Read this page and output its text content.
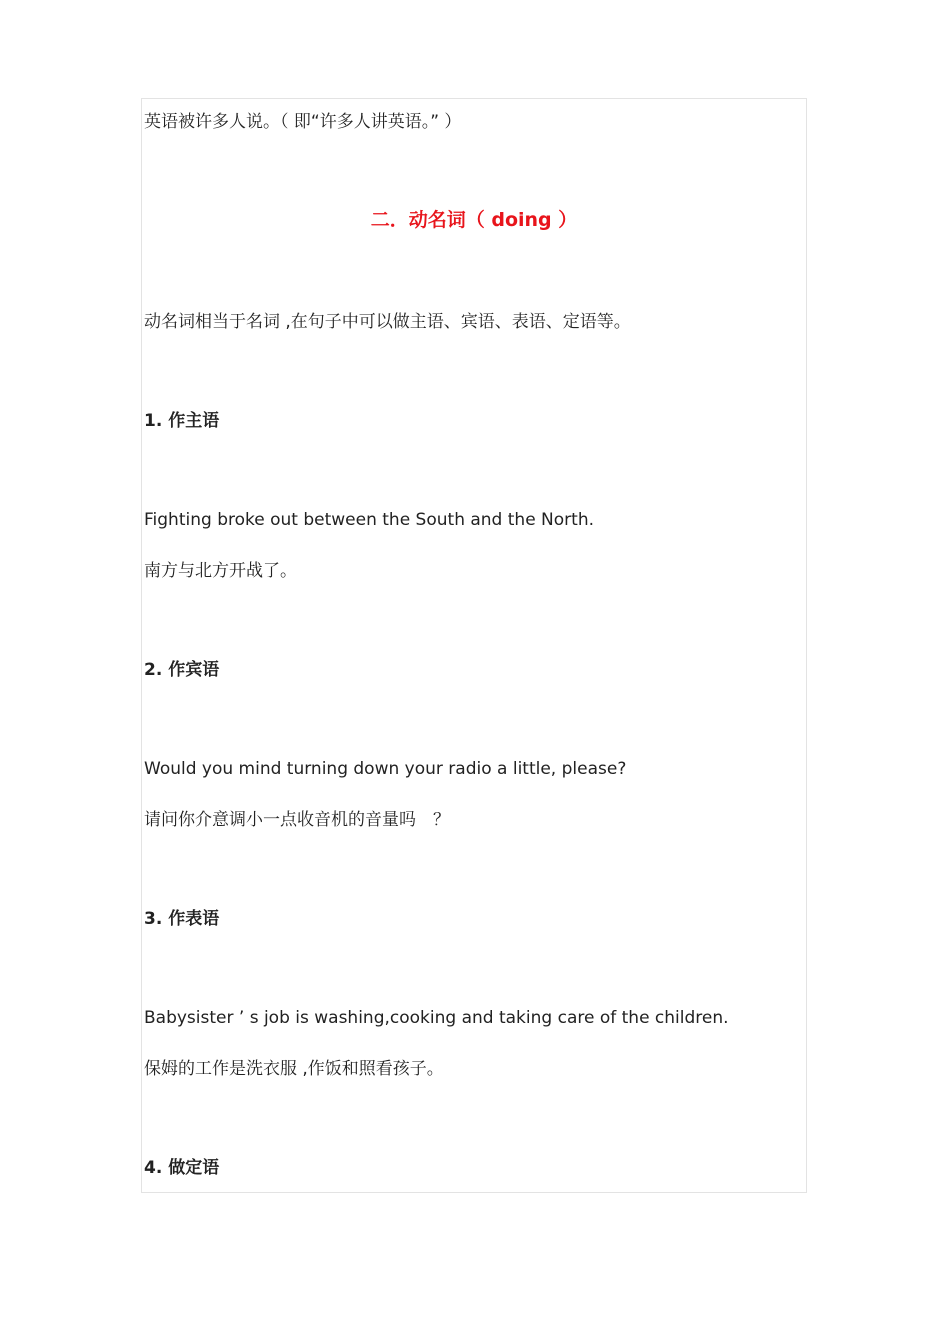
英语被许多人说。（ 即“许多人讲英语。” ）

二．动名词（ doing ）

动名词相当于名词 ,在句子中可以做主语、宾语、表语、定语等。

1. 作主语

Fighting broke out between the South and the North.

南方与北方开战了。

2. 作宾语

Would you mind turning down your radio a little, please?

请问你介意调小一点收音机的音量吗　？

3. 作表语

Babysister ’ s job is washing,cooking and taking care of the children.

保姆的工作是洗衣服 ,作饭和照看孩子。

4. 做定语
